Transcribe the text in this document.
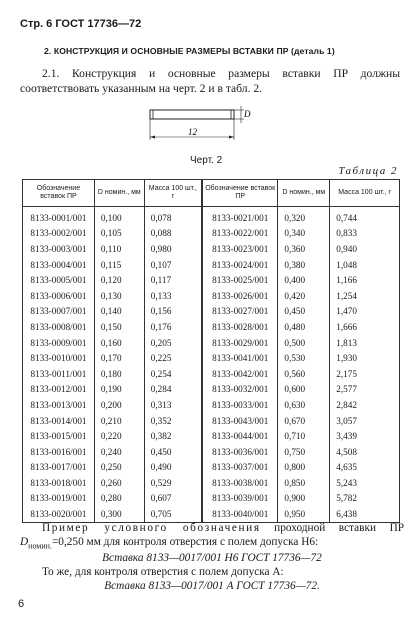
Стр. 6 ГОСТ 17736—72
2. КОНСТРУКЦИЯ И ОСНОВНЫЕ РАЗМЕРЫ ВСТАВКИ ПР (деталь 1)
2.1. Конструкция и основные размеры вставки ПР должны соответствовать указанным на черт. 2 и в табл. 2.
D
12
Черт. 2
Таблица 2
Обозначение вставок ПР	D номин., мм	Масса 100 шт., г	Обозначение вставок ПР	D номин., мм	Масса 100 шт., г

8133-0001/001	0,100	0,078	8133-0021/001	0,320	0,744
8133-0002/001	0,105	0,088	8133-0022/001	0,340	0,833
8133-0003/001	0,110	0,980	8133-0023/001	0,360	0,940
8133-0004/001	0,115	0,107	8133-0024/001	0,380	1,048
8133-0005/001	0,120	0,117	8133-0025/001	0,400	1,166
8133-0006/001	0,130	0,133	8133-0026/001	0,420	1,254
8133-0007/001	0,140	0,156	8133-0027/001	0,450	1,470
8133-0008/001	0,150	0,176	8133-0028/001	0,480	1,666
8133-0009/001	0,160	0,205	8133-0029/001	0,500	1,813
8133-0010/001	0,170	0,225	8133-0041/001	0,530	1,930
8133-0011/001	0,180	0,254	8133-0042/001	0,560	2,175
8133-0012/001	0,190	0,284	8133-0032/001	0,600	2,577
8133-0013/001	0,200	0,313	8133-0033/001	0,630	2,842
8133-0014/001	0,210	0,352	8133-0043/001	0,670	3,057
8133-0015/001	0,220	0,382	8133-0044/001	0,710	3,439
8133-0016/001	0,240	0,450	8133-0036/001	0,750	4,508
8133-0017/001	0,250	0,490	8133-0037/001	0,800	4,635
8133-0018/001	0,260	0,529	8133-0038/001	0,850	5,243
8133-0019/001	0,280	0,607	8133-0039/001	0,900	5,782
8133-0020/001	0,300	0,705	8133-0040/001	0,950	6,438
Пример условного обозначения проходной вставки ПР $D_{номин.}=0,250$ мм для контроля отверстия с полем допуска Н6:
Вставка 8133—0017/001 Н6 ГОСТ 17736—72
То же, для контроля отверстия с полем допуска А:
Вставка 8133—0017/001 А ГОСТ 17736—72.
6
